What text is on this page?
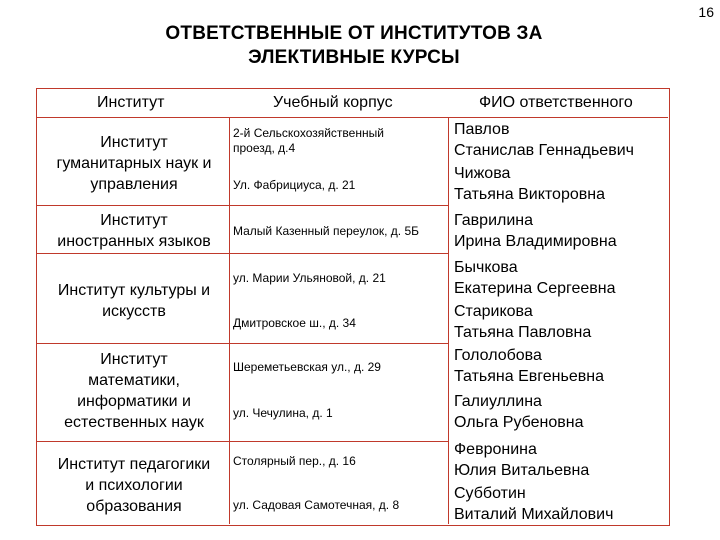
16
ОТВЕТСТВЕННЫЕ ОТ ИНСТИТУТОВ ЗА
ЭЛЕКТИВНЫЕ КУРСЫ
Институт	Учебный корпус	ФИО ответственного
Институт
гуманитарных наук и
управления
Институт
иностранных языков
Институт культуры и
искусств
Институт
математики,
информатики и
естественных наук
Институт педагогики
и психологии
образования
2-й Сельскохозяйственный
проезд, д.4
Ул. Фабрициуса, д. 21
Малый Казенный переулок, д. 5Б
ул. Марии Ульяновой, д. 21
Дмитровское ш., д. 34
Шереметьевская ул., д. 29
ул. Чечулина, д. 1
Столярный пер., д. 16
ул. Садовая Самотечная, д. 8
Павлов
Станислав Геннадьевич
Чижова
Татьяна Викторовна
Гаврилина
Ирина Владимировна
Бычкова
Екатерина Сергеевна
Старикова
Татьяна Павловна
Гололобова
Татьяна Евгеньевна
Галиуллина
Ольга Рубеновна
Февронина
Юлия Витальевна
Субботин
Виталий Михайлович
